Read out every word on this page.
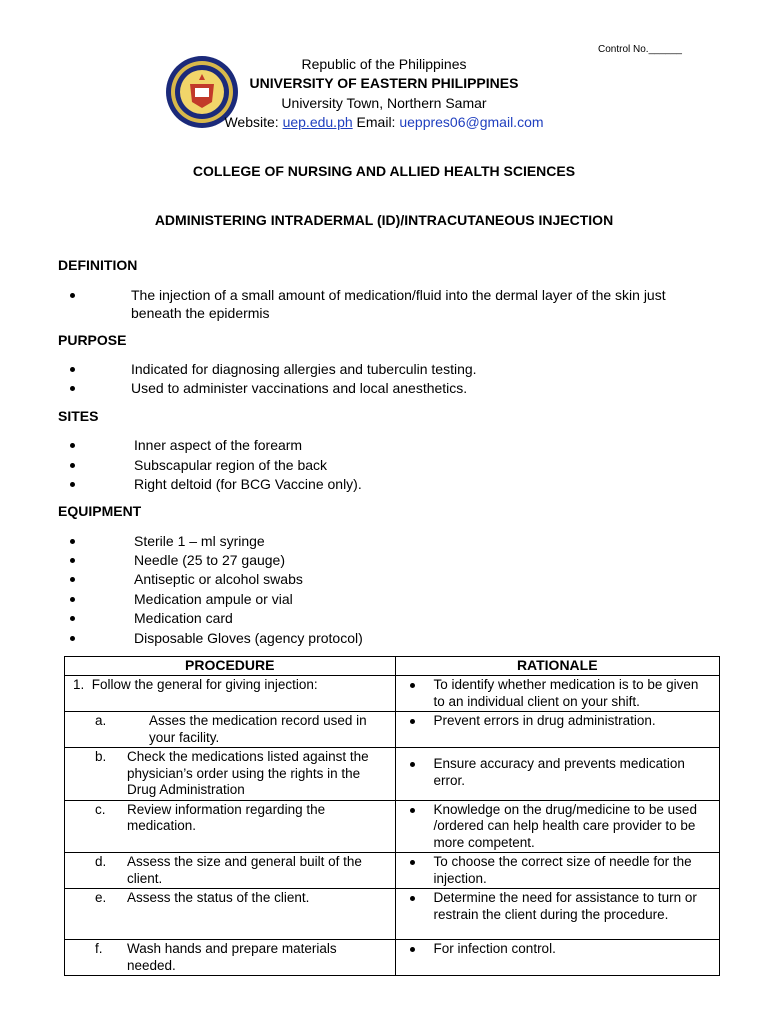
Control No.______
Republic of the Philippines
UNIVERSITY OF EASTERN PHILIPPINES
University Town, Northern Samar
Website: uep.edu.ph Email: ueppres06@gmail.com
COLLEGE OF NURSING AND ALLIED HEALTH SCIENCES
ADMINISTERING INTRADERMAL (ID)/INTRACUTANEOUS INJECTION
DEFINITION
The injection of a small amount of medication/fluid into the dermal layer of the skin just beneath the epidermis
PURPOSE
Indicated for diagnosing allergies and tuberculin testing.
Used to administer vaccinations and local anesthetics.
SITES
Inner aspect of the forearm
Subscapular region of the back
Right deltoid (for BCG Vaccine only).
EQUIPMENT
Sterile 1 – ml syringe
Needle (25 to 27 gauge)
Antiseptic or alcohol swabs
Medication ampule or vial
Medication card
Disposable Gloves (agency protocol)
PROCEDURE	RATIONALE

1. Follow the general for giving injection:	To identify whether medication is to be given to an individual client on your shift.

a. Asses the medication record used in your facility.	Prevent errors in drug administration.

b. Check the medications listed against the physician’s order using the rights in the Drug Administration	Ensure accuracy and prevents medication error.

c. Review information regarding the medication.	Knowledge on the drug/medicine to be used /ordered can help health care provider to be more competent.

d. Assess the size and general built of the client.	To choose the correct size of needle for the injection.

e. Assess the status of the client.	Determine the need for assistance to turn or restrain the client during the procedure.

f. Wash hands and prepare materials needed.	For infection control.
